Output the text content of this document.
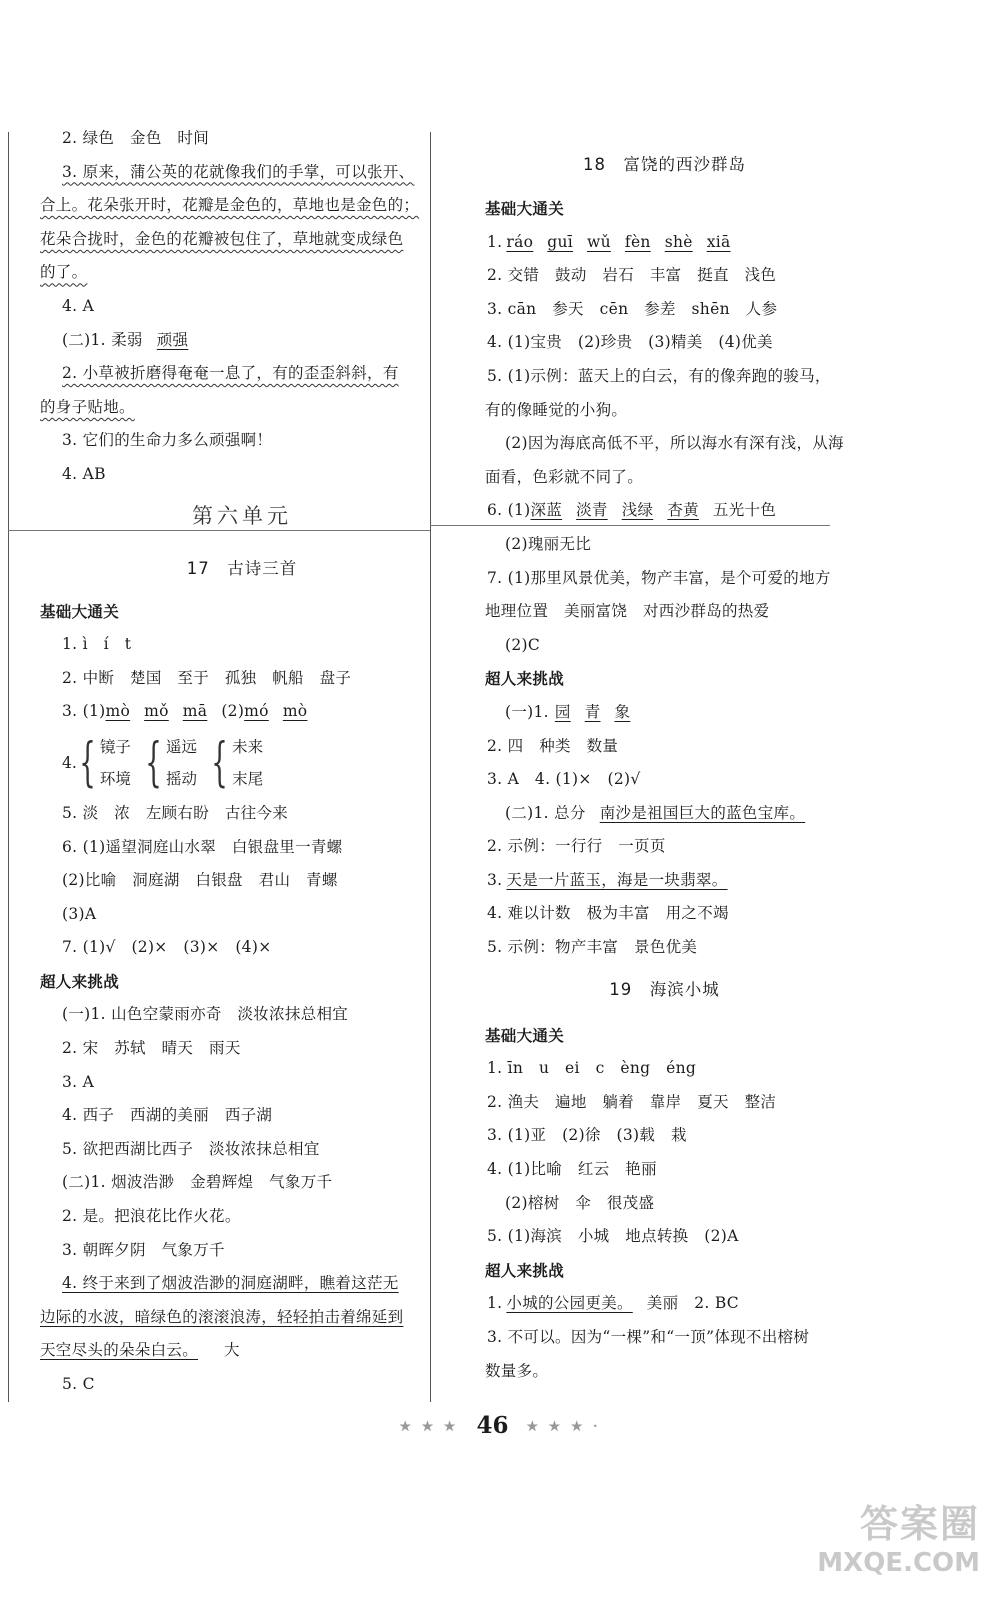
2. 绿色　金色　时间
3. 原来，蒲公英的花就像我们的手掌，可以张开、
合上。花朵张开时，花瓣是金色的，草地也是金色的；
花朵合拢时，金色的花瓣被包住了，草地就变成绿色
的了。
4. A
(二)1. 柔弱 顽强
2. 小草被折磨得奄奄一息了，有的歪歪斜斜，有
的身子贴地。
3. 它们的生命力多么顽强啊！
4. AB
第六单元
17　古诗三首
基础大通关
1. ì　í　t
2. 中断　楚国　至于　孤独　帆船　盘子
3. (1)mò mǒ mā (2)mó mò
4. { 镜子
环境 { 遥远
摇动 { 未来
末尾
5. 淡　浓　左顾右盼　古往今来
6. (1)遥望洞庭山水翠　白银盘里一青螺
(2)比喻　洞庭湖　白银盘　君山　青螺
(3)A
7. (1)√　(2)×　(3)×　(4)×
超人来挑战
(一)1. 山色空蒙雨亦奇　淡妆浓抹总相宜
2. 宋　苏轼　晴天　雨天
3. A
4. 西子　西湖的美丽　西子湖
5. 欲把西湖比西子　淡妆浓抹总相宜
(二)1. 烟波浩渺　金碧辉煌　气象万千
2. 是。把浪花比作火花。
3. 朝晖夕阴　气象万千
4. 终于来到了烟波浩渺的洞庭湖畔，瞧着这茫无
边际的水波，暗绿色的滚滚浪涛，轻轻拍击着绵延到
天空尽头的朵朵白云。 大
5. C
18　富饶的西沙群岛
基础大通关
1. ráo guī wǔ fèn shè xiā
2. 交错　鼓动　岩石　丰富　挺直　浅色
3. cān　参天　cēn　参差　shēn　人参
4. (1)宝贵　(2)珍贵　(3)精美　(4)优美
5. (1)示例：蓝天上的白云，有的像奔跑的骏马，
有的像睡觉的小狗。
(2)因为海底高低不平，所以海水有深有浅，从海
面看，色彩就不同了。
6. (1)深蓝 淡青 浅绿 杏黄 五光十色
(2)瑰丽无比
7. (1)那里风景优美，物产丰富，是个可爱的地方
地理位置　美丽富饶　对西沙群岛的热爱
(2)C
超人来挑战
(一)1. 园 青 象
2. 四　种类　数量
3. A　4. (1)×　(2)√
(二)1. 总分 南沙是祖国巨大的蓝色宝库。
2. 示例：一行行　一页页
3. 天是一片蓝玉，海是一块翡翠。
4. 难以计数　极为丰富　用之不竭
5. 示例：物产丰富　景色优美
19　海滨小城
基础大通关
1. īn　u　ei　c　èng　éng
2. 渔夫　遍地　躺着　靠岸　夏天　整洁
3. (1)亚　(2)徐　(3)载　栽
4. (1)比喻　红云　艳丽
(2)榕树　伞　很茂盛
5. (1)海滨　小城　地点转换　(2)A
超人来挑战
1. 小城的公园更美。 美丽　2. BC
3. 不可以。因为“一棵”和“一顶”体现不出榕树
数量多。
★ ★ ★ 46 ★ ★ ★ ·
答案圈
MXQE.COM
